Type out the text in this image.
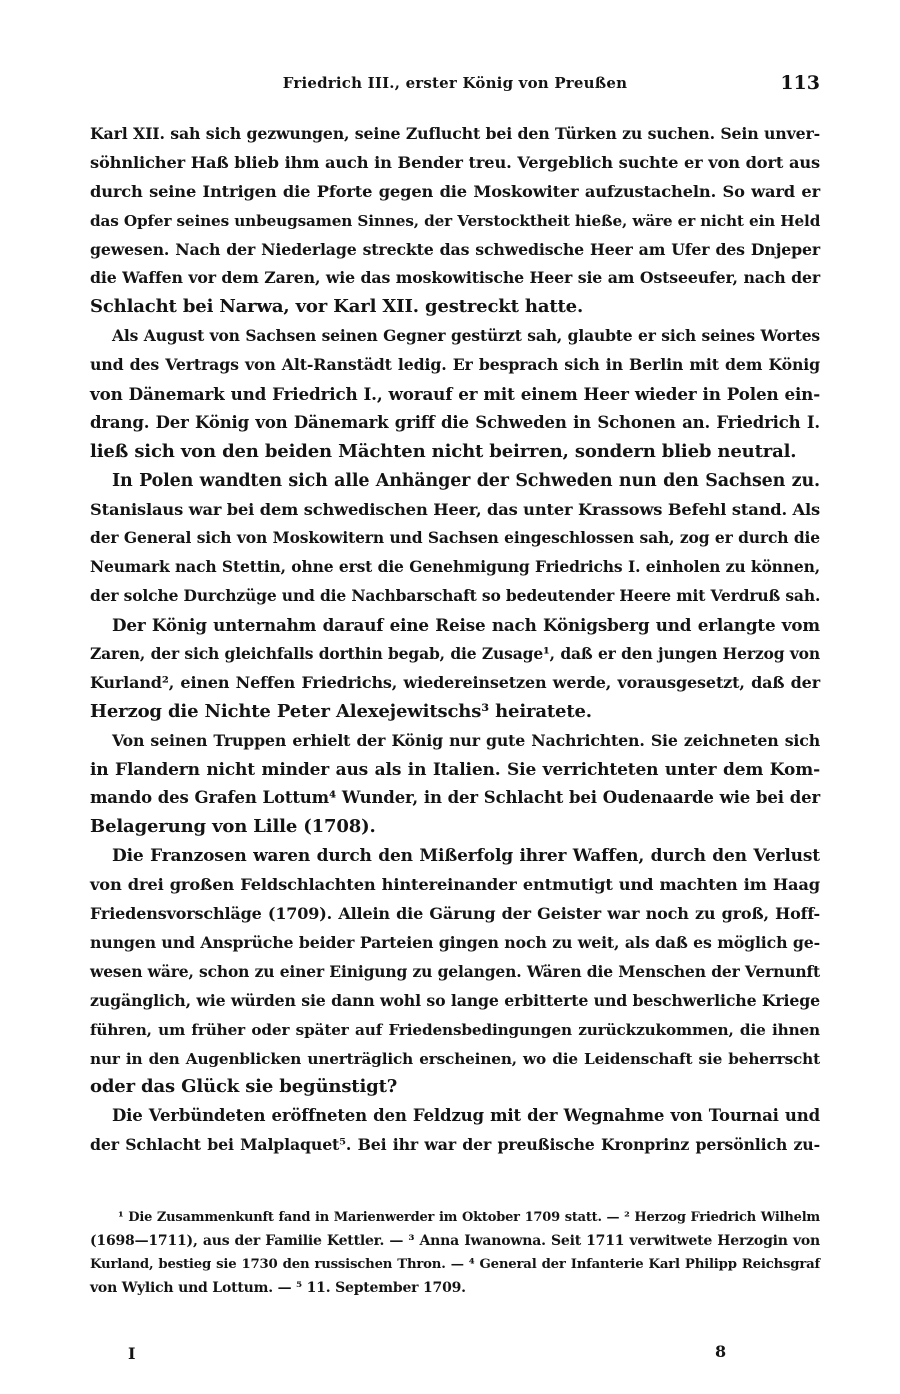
Friedrich III., erster König von Preußen	113
Karl XII. sah sich gezwungen, seine Zuflucht bei den Türken zu suchen. Sein unver-
söhnlicher Haß blieb ihm auch in Bender treu. Vergeblich suchte er von dort aus
durch seine Intrigen die Pforte gegen die Moskowiter aufzustacheln. So ward er
das Opfer seines unbeugsamen Sinnes, der Verstocktheit hieße, wäre er nicht ein Held
gewesen. Nach der Niederlage streckte das schwedische Heer am Ufer des Dnjeper
die Waffen vor dem Zaren, wie das moskowitische Heer sie am Ostseeufer, nach der
Schlacht bei Narwa, vor Karl XII. gestreckt hatte.
Als August von Sachsen seinen Gegner gestürzt sah, glaubte er sich seines Wortes
und des Vertrags von Alt-Ranstädt ledig. Er besprach sich in Berlin mit dem König
von Dänemark und Friedrich I., worauf er mit einem Heer wieder in Polen ein-
drang. Der König von Dänemark griff die Schweden in Schonen an. Friedrich I.
ließ sich von den beiden Mächten nicht beirren, sondern blieb neutral.
In Polen wandten sich alle Anhänger der Schweden nun den Sachsen zu.
Stanislaus war bei dem schwedischen Heer, das unter Krassows Befehl stand. Als
der General sich von Moskowitern und Sachsen eingeschlossen sah, zog er durch die
Neumark nach Stettin, ohne erst die Genehmigung Friedrichs I. einholen zu können,
der solche Durchzüge und die Nachbarschaft so bedeutender Heere mit Verdruß sah.
Der König unternahm darauf eine Reise nach Königsberg und erlangte vom
Zaren, der sich gleichfalls dorthin begab, die Zusage¹, daß er den jungen Herzog von
Kurland², einen Neffen Friedrichs, wiedereinsetzen werde, vorausgesetzt, daß der
Herzog die Nichte Peter Alexejewitschs³ heiratete.
Von seinen Truppen erhielt der König nur gute Nachrichten. Sie zeichneten sich
in Flandern nicht minder aus als in Italien. Sie verrichteten unter dem Kom-
mando des Grafen Lottum⁴ Wunder, in der Schlacht bei Oudenaarde wie bei der
Belagerung von Lille (1708).
Die Franzosen waren durch den Mißerfolg ihrer Waffen, durch den Verlust
von drei großen Feldschlachten hintereinander entmutigt und machten im Haag
Friedensvorschläge (1709). Allein die Gärung der Geister war noch zu groß, Hoff-
nungen und Ansprüche beider Parteien gingen noch zu weit, als daß es möglich ge-
wesen wäre, schon zu einer Einigung zu gelangen. Wären die Menschen der Vernunft
zugänglich, wie würden sie dann wohl so lange erbitterte und beschwerliche Kriege
führen, um früher oder später auf Friedensbedingungen zurückzukommen, die ihnen
nur in den Augenblicken unerträglich erscheinen, wo die Leidenschaft sie beherrscht
oder das Glück sie begünstigt?
Die Verbündeten eröffneten den Feldzug mit der Wegnahme von Tournai und
der Schlacht bei Malplaquet⁵. Bei ihr war der preußische Kronprinz persönlich zu-
¹ Die Zusammenkunft fand in Marienwerder im Oktober 1709 statt. — ² Herzog Friedrich Wilhelm
(1698—1711), aus der Familie Kettler. — ³ Anna Iwanowna. Seit 1711 verwitwete Herzogin von
Kurland, bestieg sie 1730 den russischen Thron. — ⁴ General der Infanterie Karl Philipp Reichsgraf
von Wylich und Lottum. — ⁵ 11. September 1709.
I	8
